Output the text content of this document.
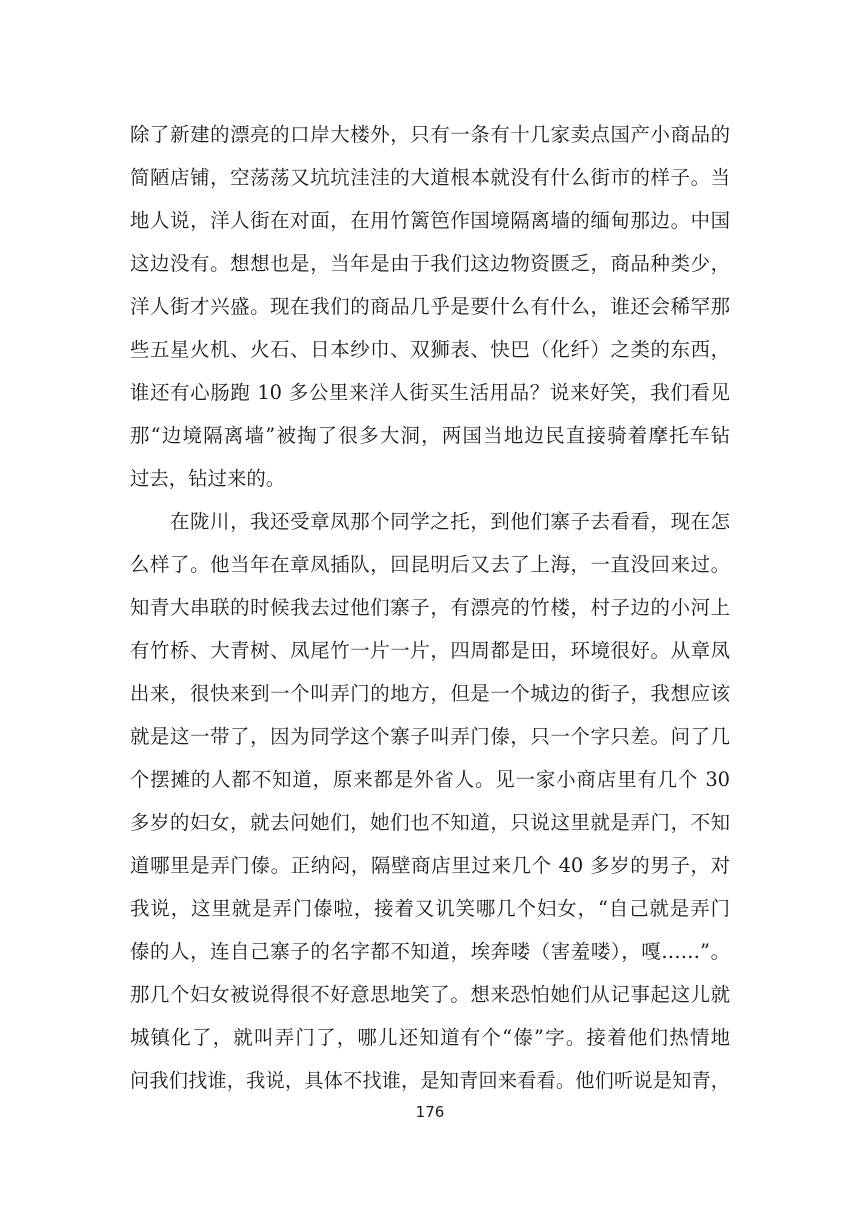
除了新建的漂亮的口岸大楼外，只有一条有十几家卖点国产小商品的
简陋店铺，空荡荡又坑坑洼洼的大道根本就没有什么街市的样子。当
地人说，洋人街在对面，在用竹篱笆作国境隔离墙的缅甸那边。中国
这边没有。想想也是，当年是由于我们这边物资匮乏，商品种类少，
洋人街才兴盛。现在我们的商品几乎是要什么有什么，谁还会稀罕那
些五星火机、火石、日本纱巾、双狮表、快巴（化纤）之类的东西，
谁还有心肠跑 10 多公里来洋人街买生活用品？说来好笑，我们看见
那“边境隔离墙”被掏了很多大洞，两国当地边民直接骑着摩托车钻
过去，钻过来的。
在陇川，我还受章凤那个同学之托，到他们寨子去看看，现在怎
么样了。他当年在章凤插队，回昆明后又去了上海，一直没回来过。
知青大串联的时候我去过他们寨子，有漂亮的竹楼，村子边的小河上
有竹桥、大青树、凤尾竹一片一片，四周都是田，环境很好。从章凤
出来，很快来到一个叫弄门的地方，但是一个城边的街子，我想应该
就是这一带了，因为同学这个寨子叫弄门傣，只一个字只差。问了几
个摆摊的人都不知道，原来都是外省人。见一家小商店里有几个 30
多岁的妇女，就去问她们，她们也不知道，只说这里就是弄门，不知
道哪里是弄门傣。正纳闷，隔壁商店里过来几个 40 多岁的男子，对
我说，这里就是弄门傣啦，接着又讥笑哪几个妇女，“自己就是弄门
傣的人，连自己寨子的名字都不知道，埃奔喽（害羞喽），嘎……”。
那几个妇女被说得很不好意思地笑了。想来恐怕她们从记事起这儿就
城镇化了，就叫弄门了，哪儿还知道有个“傣”字。接着他们热情地
问我们找谁，我说，具体不找谁，是知青回来看看。他们听说是知青，
176
